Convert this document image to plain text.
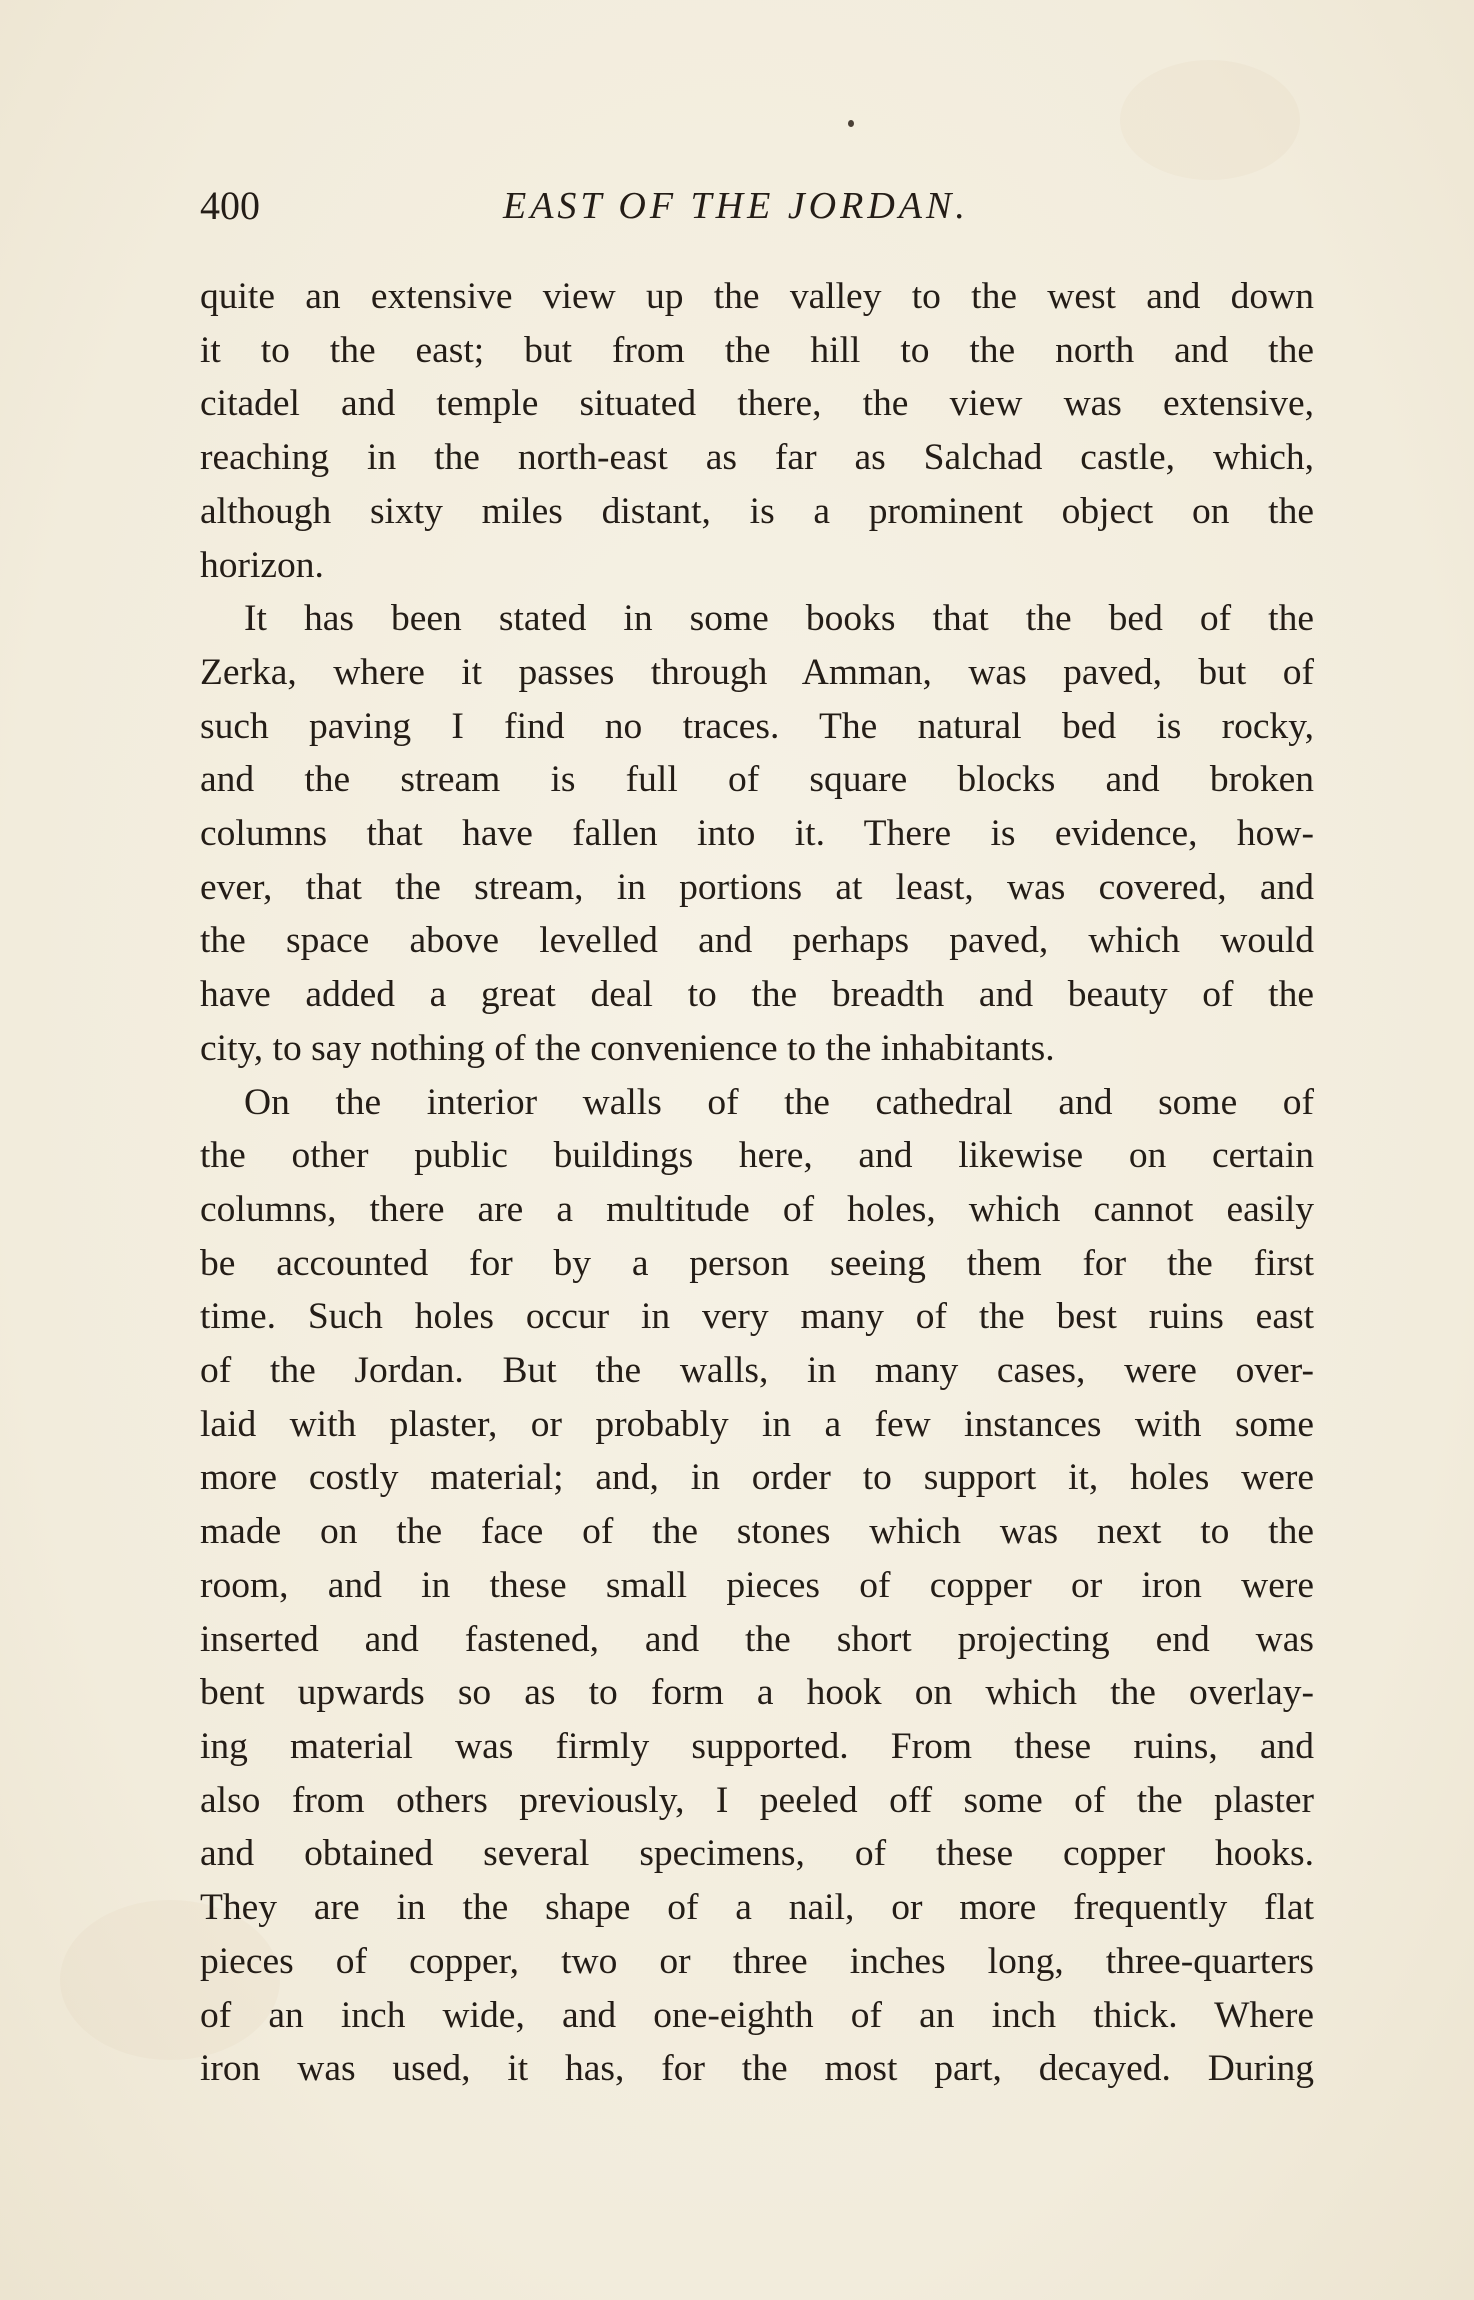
400	EAST OF THE JORDAN.

quite an extensive view up the valley to the west and down
it to the east; but from the hill to the north and the
citadel and temple situated there, the view was extensive,
reaching in the north-east as far as Salchad castle, which,
although sixty miles distant, is a prominent object on the
horizon.

It has been stated in some books that the bed of the
Zerka, where it passes through Amman, was paved, but of
such paving I find no traces. The natural bed is rocky,
and the stream is full of square blocks and broken
columns that have fallen into it. There is evidence, how-
ever, that the stream, in portions at least, was covered, and
the space above levelled and perhaps paved, which would
have added a great deal to the breadth and beauty of the
city, to say nothing of the convenience to the inhabitants.

On the interior walls of the cathedral and some of
the other public buildings here, and likewise on certain
columns, there are a multitude of holes, which cannot easily
be accounted for by a person seeing them for the first
time. Such holes occur in very many of the best ruins east
of the Jordan. But the walls, in many cases, were over-
laid with plaster, or probably in a few instances with some
more costly material; and, in order to support it, holes were
made on the face of the stones which was next to the
room, and in these small pieces of copper or iron were
inserted and fastened, and the short projecting end was
bent upwards so as to form a hook on which the overlay-
ing material was firmly supported. From these ruins, and
also from others previously, I peeled off some of the plaster
and obtained several specimens, of these copper hooks.
They are in the shape of a nail, or more frequently flat
pieces of copper, two or three inches long, three-quarters
of an inch wide, and one-eighth of an inch thick. Where
iron was used, it has, for the most part, decayed. During
